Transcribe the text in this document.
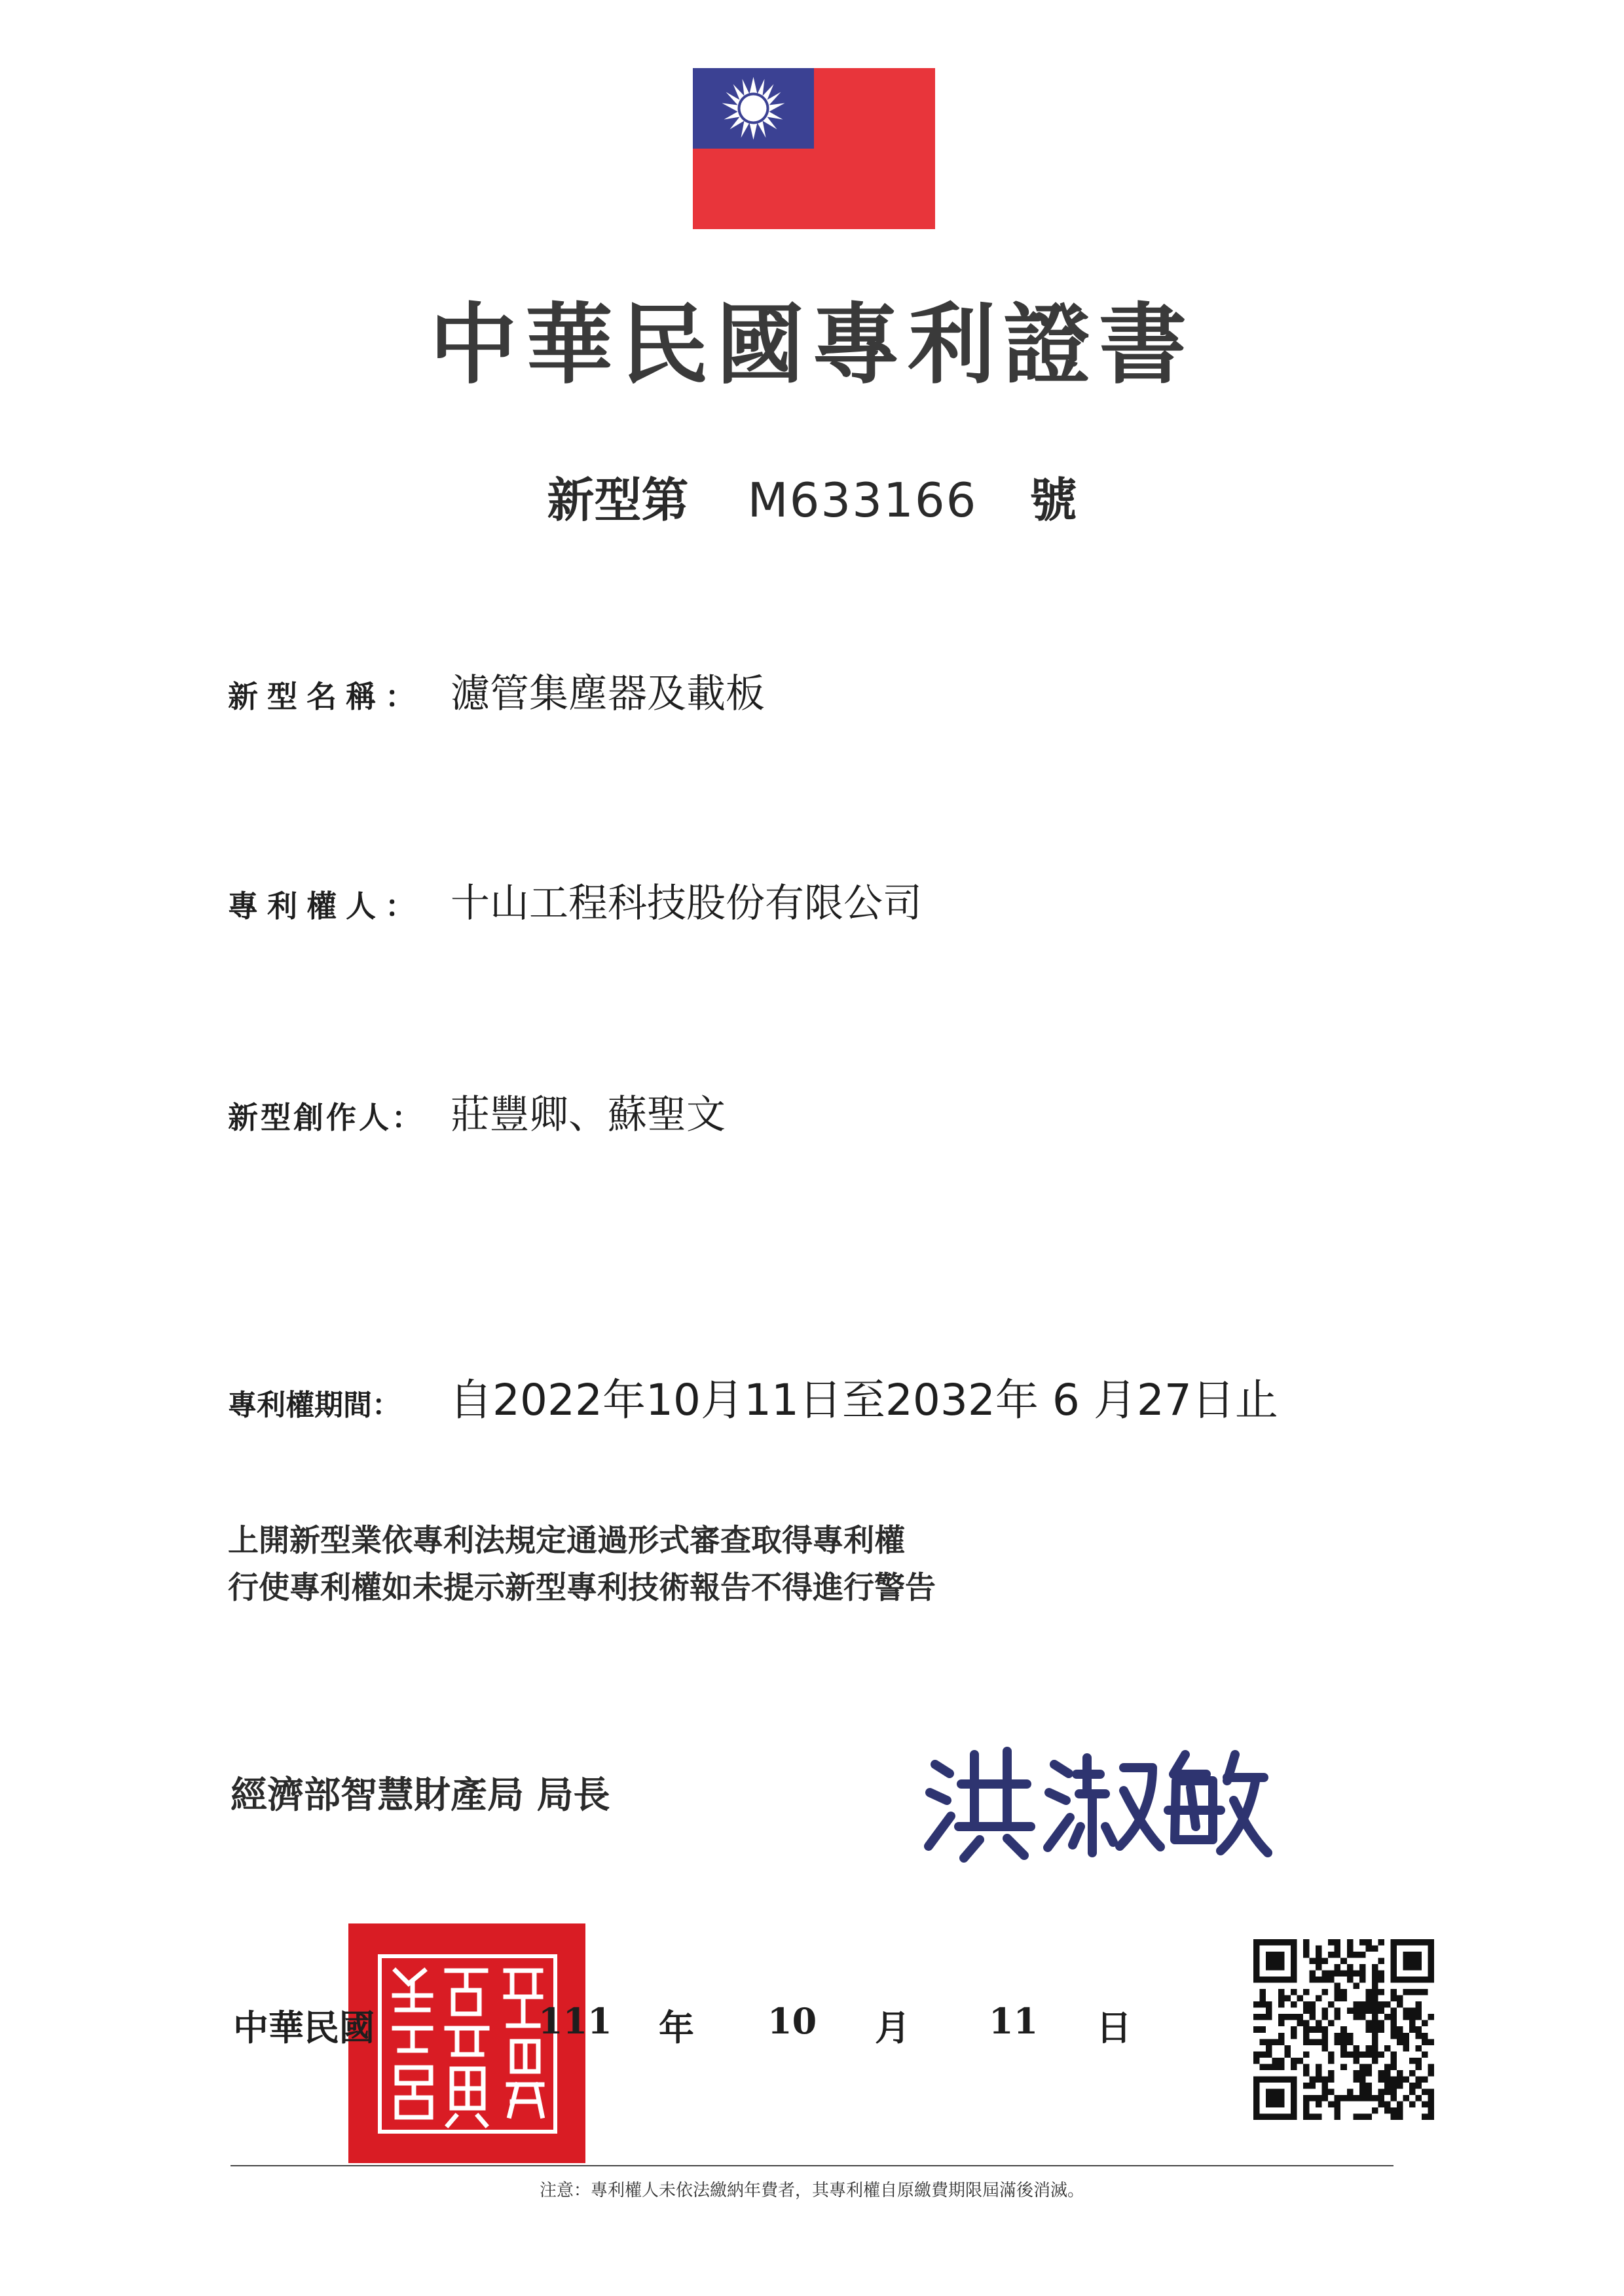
中華民國專利證書
新型第 M633166 號
新型名稱： 濾管集塵器及載板
專利權人： 十山工程科技股份有限公司
新型創作人： 莊豐卿、蘇聖文
專利權期間： 自2022年10月11日至2032年 6 月27日止
上開新型業依專利法規定通過形式審查取得專利權
行使專利權如未提示新型專利技術報告不得進行警告
經濟部智慧財產局 局長
中華民國	111 年 10 月 11 日
注意：專利權人未依法繳納年費者，其專利權自原繳費期限屆滿後消滅。
